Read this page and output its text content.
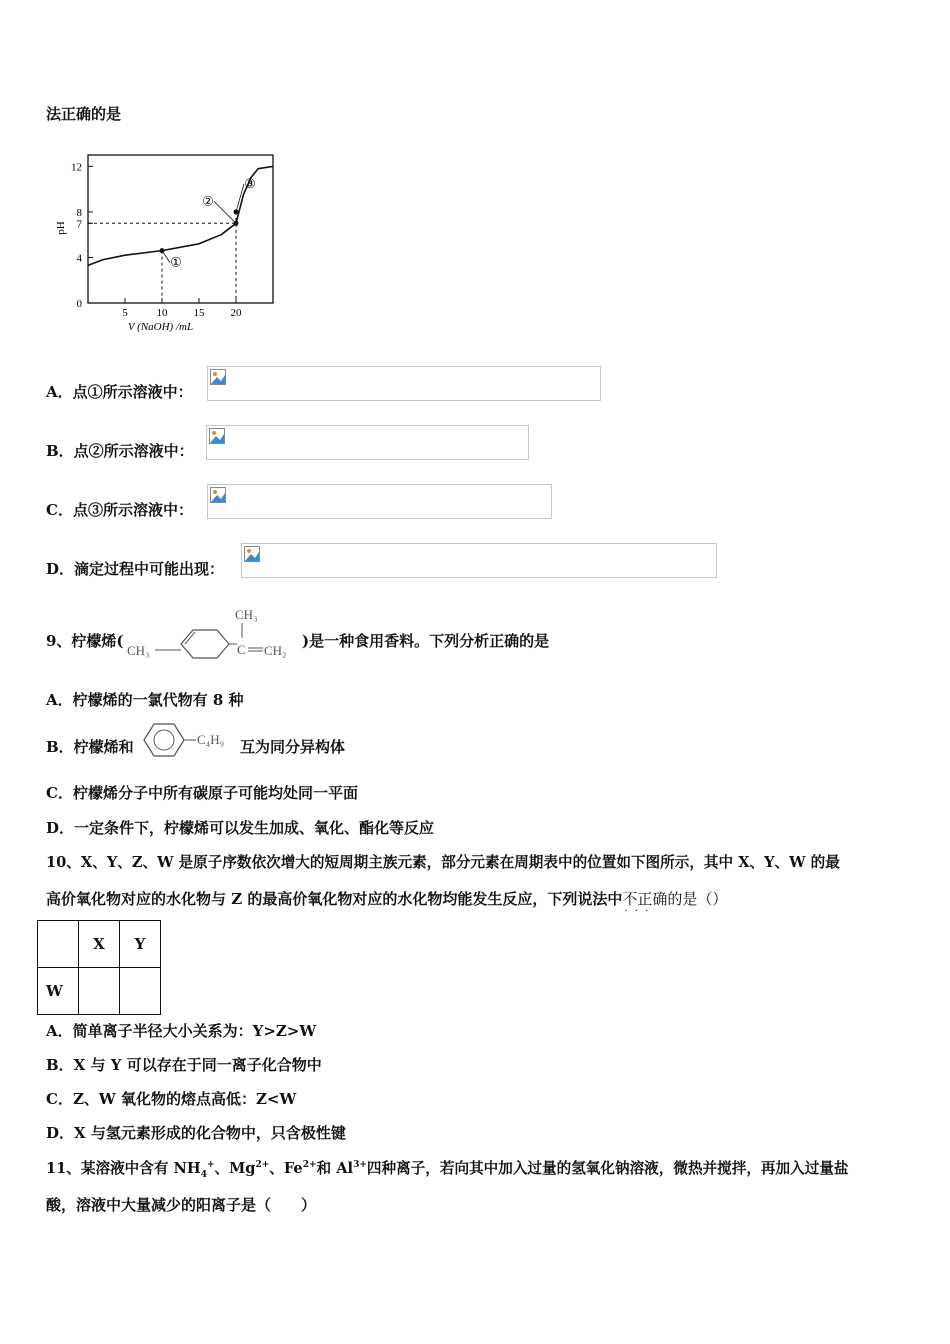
法正确的是
0
4
7
8
12
5	10 15 20
pH
V (NaOH) /mL
①
②
③
A．点①所示溶液中：
B．点②所示溶液中：
C．点③所示溶液中：
D．滴定过程中可能出现：
9、柠檬烯(
CH₃
CH₃
C CH₂
)是一种食用香料。下列分析正确的是
A．柠檬烯的一氯代物有 8 种
B．柠檬烯和	C₄H₉ 互为同分异构体
C．柠檬烯分子中所有碳原子可能均处同一平面
D．一定条件下，柠檬烯可以发生加成、氧化、酯化等反应
10、X、Y、Z、W 是原子序数依次增大的短周期主族元素，部分元素在周期表中的位置如下图所示，其中 X、Y、W 的最
高价氧化物对应的水化物与 Z 的最高价氧化物对应的水化物均能发生反应，下列说法中不正确 · · ·的是（）
	X	Y
W		
A．简单离子半径大小关系为：Y>Z>W
B．X 与 Y 可以存在于同一离子化合物中
C．Z、W 氧化物的熔点高低：Z<W
D．X 与氢元素形成的化合物中，只含极性键
11、某溶液中含有 $NH_4^+$、$Mg^{2+}$、$Fe^{2+}$和 $Al^{3+}$四种离子，若向其中加入过量的氢氧化钠溶液，微热并搅拌，再加入过量盐
酸，溶液中大量减少的阳离子是（　　）
